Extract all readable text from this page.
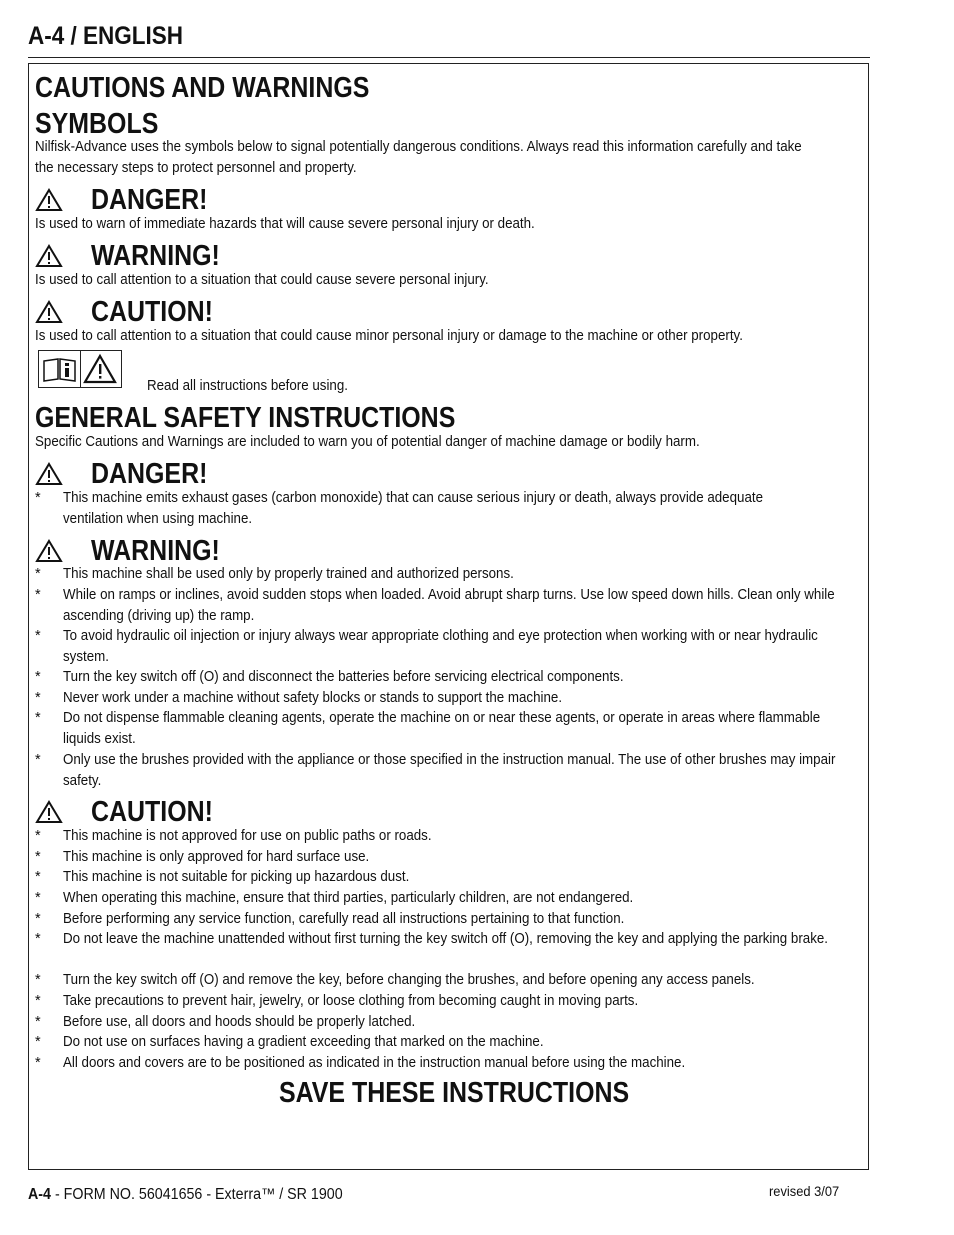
A-4 / ENGLISH
CAUTIONS AND WARNINGS
SYMBOLS
Nilfisk-Advance uses the symbols below to signal potentially dangerous conditions. Always read this information carefully and take
the necessary steps to protect personnel and property.
DANGER!
Is used to warn of immediate hazards that will cause severe personal injury or death.
WARNING!
Is used to call attention to a situation that could cause severe personal injury.
CAUTION!
Is used to call attention to a situation that could cause minor personal injury or damage to the machine or other property.
Read all instructions before using.
GENERAL SAFETY INSTRUCTIONS
Specific Cautions and Warnings are included to warn you of potential danger of machine damage or bodily harm.
DANGER!
* This machine emits exhaust gases (carbon monoxide) that can cause serious injury or death, always provide adequate ventilation when using machine.
WARNING!
* This machine shall be used only by properly trained and authorized persons.
* While on ramps or inclines, avoid sudden stops when loaded. Avoid abrupt sharp turns. Use low speed down hills. Clean only while ascending (driving up) the ramp.
* To avoid hydraulic oil injection or injury always wear appropriate clothing and eye protection when working with or near hydraulic system.
* Turn the key switch off (O) and disconnect the batteries before servicing electrical components.
* Never work under a machine without safety blocks or stands to support the machine.
* Do not dispense flammable cleaning agents, operate the machine on or near these agents, or operate in areas where flammable liquids exist.
* Only use the brushes provided with the appliance or those specified in the instruction manual. The use of other brushes may impair safety.
* This machine is not approved for use on public paths or roads.
* This machine is only approved for hard surface use.
* This machine is not suitable for picking up hazardous dust.
* When operating this machine, ensure that third parties, particularly children, are not endangered.
* Before performing any service function, carefully read all instructions pertaining to that function.
* Do not leave the machine unattended without first turning the key switch off (O), removing the key and applying the parking brake.
* Turn the key switch off (O) and remove the key, before changing the brushes, and before opening any access panels.
* Take precautions to prevent hair, jewelry, or loose clothing from becoming caught in moving parts.
* Before use, all doors and hoods should be properly latched.
* Do not use on surfaces having a gradient exceeding that marked on the machine.
* All doors and covers are to be positioned as indicated in the instruction manual before using the machine.
CAUTION!
SAVE THESE INSTRUCTIONS
A-4 - FORM NO. 56041656 - Exterra™ / SR 1900	revised 3/07
